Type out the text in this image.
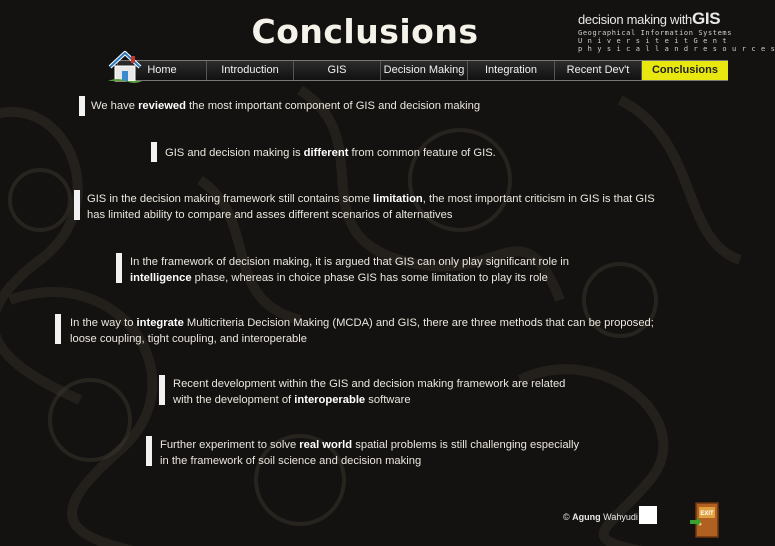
Conclusions	decision making withGIS
Geographical Information Systems
U n i v e r s i t e i t G e n t
p h y s i c a l l a n d r e s o u r c e s
Home	Introduction	GIS	Decision Making	Integration	Recent Dev't	Conclusions
We have reviewed the most important component of GIS and decision making
GIS and decision making is different from common feature of GIS.
GIS in the decision making framework still contains some limitation, the most important criticism in GIS is that GIS has limited ability to compare and asses different scenarios of alternatives
In the framework of decision making, it is argued that GIS can only play significant role in intelligence phase, whereas in choice phase GIS has some limitation to play its role
In the way to integrate Multicriteria Decision Making (MCDA) and GIS, there are three methods that can be proposed; loose coupling, tight coupling, and interoperable
Recent development within the GIS and decision making framework are related with the development of interoperable software
Further experiment to solve real world spatial problems is still challenging especially in the framework of soil science and decision making
© Agung Wahyudi	EXIT
